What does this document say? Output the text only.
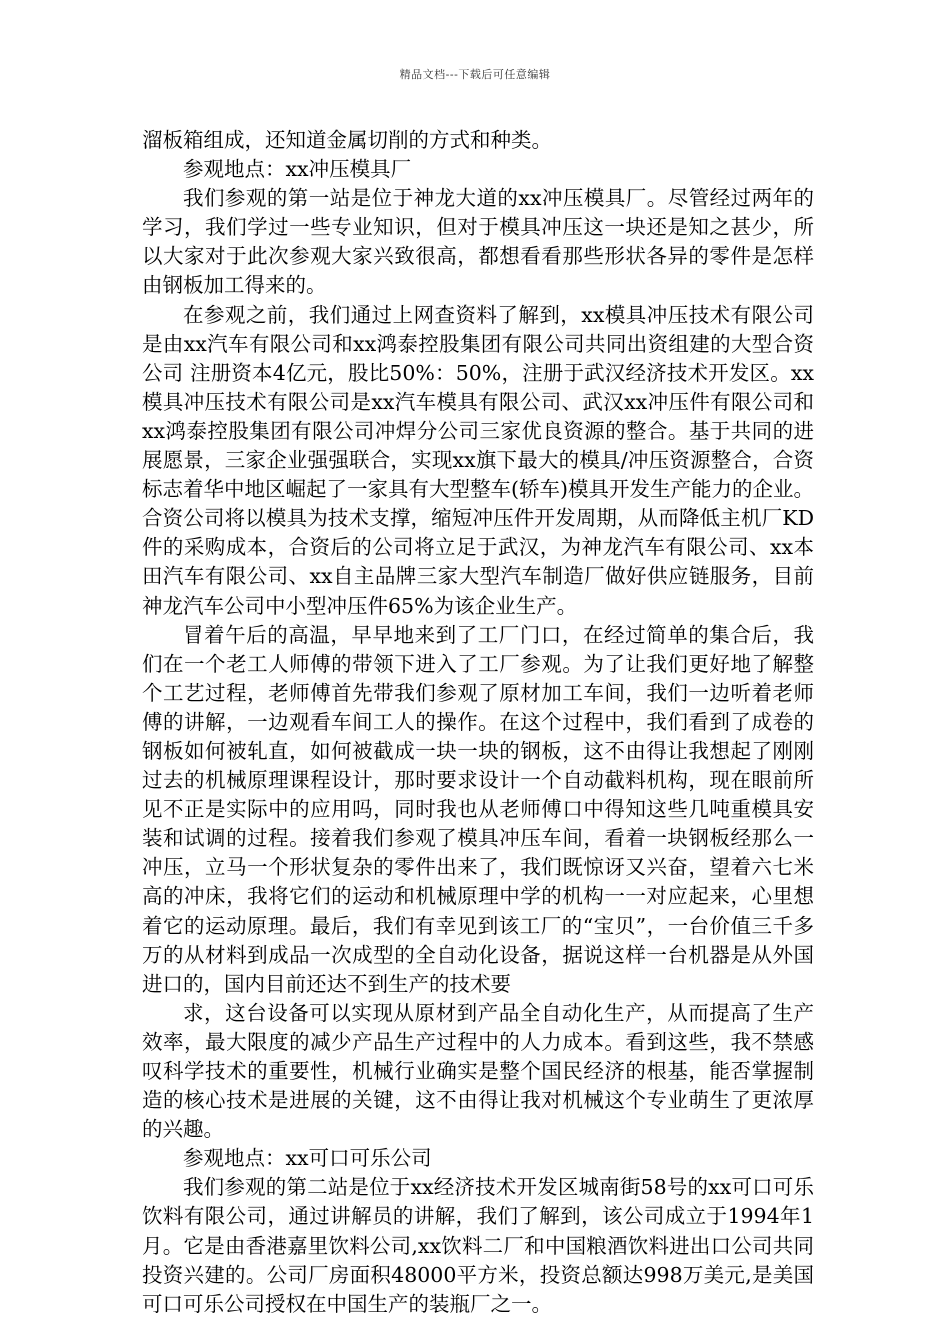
精品文档---下载后可任意编辑

溜板箱组成，还知道金属切削的方式和种类。

参观地点：xx冲压模具厂

我们参观的第一站是位于神龙大道的xx冲压模具厂。尽管经过两年的学习，我们学过一些专业知识，但对于模具冲压这一块还是知之甚少，所以大家对于此次参观大家兴致很高，都想看看那些形状各异的零件是怎样由钢板加工得来的。

在参观之前，我们通过上网查资料了解到，xx模具冲压技术有限公司是由xx汽车有限公司和xx鸿泰控股集团有限公司共同出资组建的大型合资公司 注册资本4亿元，股比50%：50%，注册于武汉经济技术开发区。xx模具冲压技术有限公司是xx汽车模具有限公司、武汉xx冲压件有限公司和xx鸿泰控股集团有限公司冲焊分公司三家优良资源的整合。基于共同的进展愿景，三家企业强强联合，实现xx旗下最大的模具/冲压资源整合，合资标志着华中地区崛起了一家具有大型整车(轿车)模具开发生产能力的企业。合资公司将以模具为技术支撑，缩短冲压件开发周期，从而降低主机厂KD件的采购成本，合资后的公司将立足于武汉，为神龙汽车有限公司、xx本田汽车有限公司、xx自主品牌三家大型汽车制造厂做好供应链服务，目前神龙汽车公司中小型冲压件65%为该企业生产。

冒着午后的高温，早早地来到了工厂门口，在经过简单的集合后，我们在一个老工人师傅的带领下进入了工厂参观。为了让我们更好地了解整个工艺过程，老师傅首先带我们参观了原材加工车间，我们一边听着老师傅的讲解，一边观看车间工人的操作。在这个过程中，我们看到了成卷的钢板如何被轧直，如何被截成一块一块的钢板，这不由得让我想起了刚刚过去的机械原理课程设计，那时要求设计一个自动截料机构，现在眼前所见不正是实际中的应用吗，同时我也从老师傅口中得知这些几吨重模具安装和试调的过程。接着我们参观了模具冲压车间，看着一块钢板经那么一冲压，立马一个形状复杂的零件出来了，我们既惊讶又兴奋，望着六七米高的冲床，我将它们的运动和机械原理中学的机构一一对应起来，心里想着它的运动原理。最后，我们有幸见到该工厂的“宝贝”，一台价值三千多万的从材料到成品一次成型的全自动化设备，据说这样一台机器是从外国进口的，国内目前还达不到生产的技术要

求，这台设备可以实现从原材到产品全自动化生产，从而提高了生产效率，最大限度的减少产品生产过程中的人力成本。看到这些，我不禁感叹科学技术的重要性，机械行业确实是整个国民经济的根基，能否掌握制造的核心技术是进展的关键，这不由得让我对机械这个专业萌生了更浓厚的兴趣。

参观地点：xx可口可乐公司

我们参观的第二站是位于xx经济技术开发区城南街58号的xx可口可乐饮料有限公司，通过讲解员的讲解，我们了解到，该公司成立于1994年1月。它是由香港嘉里饮料公司,xx饮料二厂和中国粮酒饮料进出口公司共同投资兴建的。公司厂房面积48000平方米，投资总额达998万美元,是美国可口可乐公司授权在中国生产的装瓶厂之一。
